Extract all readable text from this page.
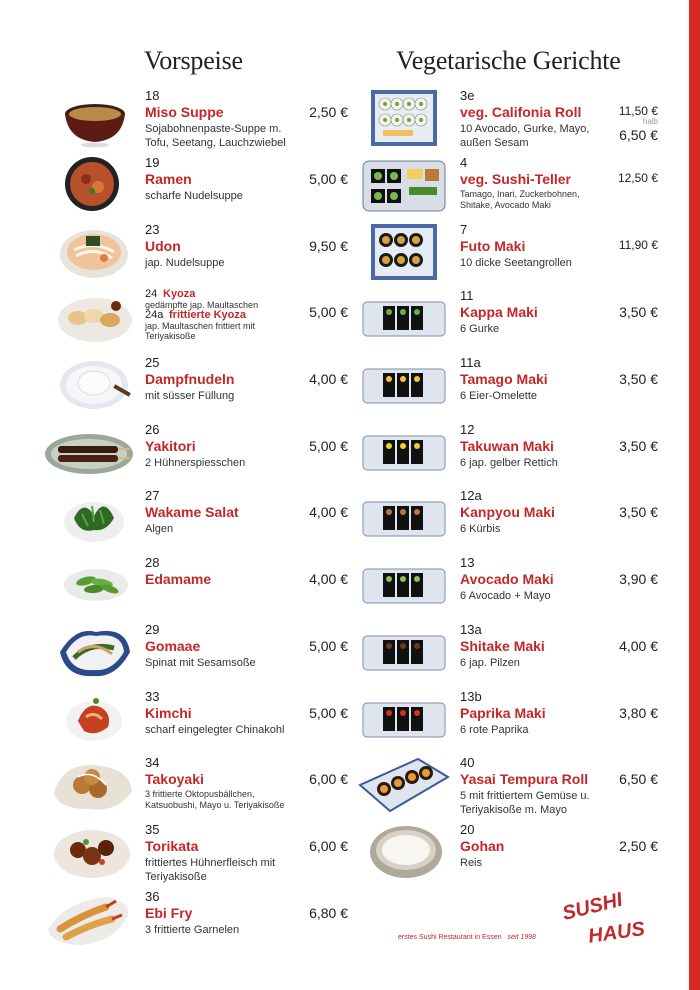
Vorspeise	Vegetarische Gerichte
18
Miso Suppe
Sojabohnenpaste-Suppe m. Tofu, Seetang, Lauchzwiebel
2,50 €
19
Ramen
scharfe Nudelsuppe
5,00 €
23
Udon
jap. Nudelsuppe
9,50 €
24 Kyoza
gedämpfte jap. Maultaschen
24a frittierte Kyoza
jap. Maultaschen frittiert mit Teriyakisoße
5,00 €
25
Dampfnudeln
mit süsser Füllung
4,00 €
26
Yakitori
2 Hühnerspiesschen
5,00 €
27
Wakame Salat
Algen
4,00 €
28
Edamame	4,00 €
29
Gomaae
Spinat mit Sesamsoße
5,00 €
33
Kimchi
scharf eingelegter Chinakohl
5,00 €
34
Takoyaki
3 frittierte Oktopusbällchen, Katsuobushi, Mayo u. Teriyakisoße
6,00 €
35
Torikata
frittiertes Hühnerfleisch mit Teriyakisoße
6,00 €
36
Ebi Fry
3 frittierte Garnelen
6,80 €
3e
veg. Califonia Roll
10 Avocado, Gurke, Mayo, außen Sesam
11,50 €
halb
6,50 €
4
veg. Sushi-Teller
Tamago, Inari, Zuckerbohnen, Shitake, Avocado Maki
12,50 €
7
Futo Maki
10 dicke Seetangrollen
11,90 €
11
Kappa Maki
6 Gurke
3,50 €
11a
Tamago Maki
6 Eier-Omelette
3,50 €
12
Takuwan Maki
6 jap. gelber Rettich
3,50 €
12a
Kanpyou Maki
6 Kürbis
3,50 €
13
Avocado Maki
6 Avocado + Mayo
3,90 €
13a
Shitake Maki
6 jap. Pilzen
4,00 €
13b
Paprika Maki
6 rote Paprika
3,80 €
40
Yasai Tempura Roll
5 mit frittiertem Gemüse u. Teriyakisoße m. Mayo
6,50 €
20
Gohan
Reis
2,50 €
SUSHI
HAUS
erstes Sushi Restaurant in Essen seit 1998
